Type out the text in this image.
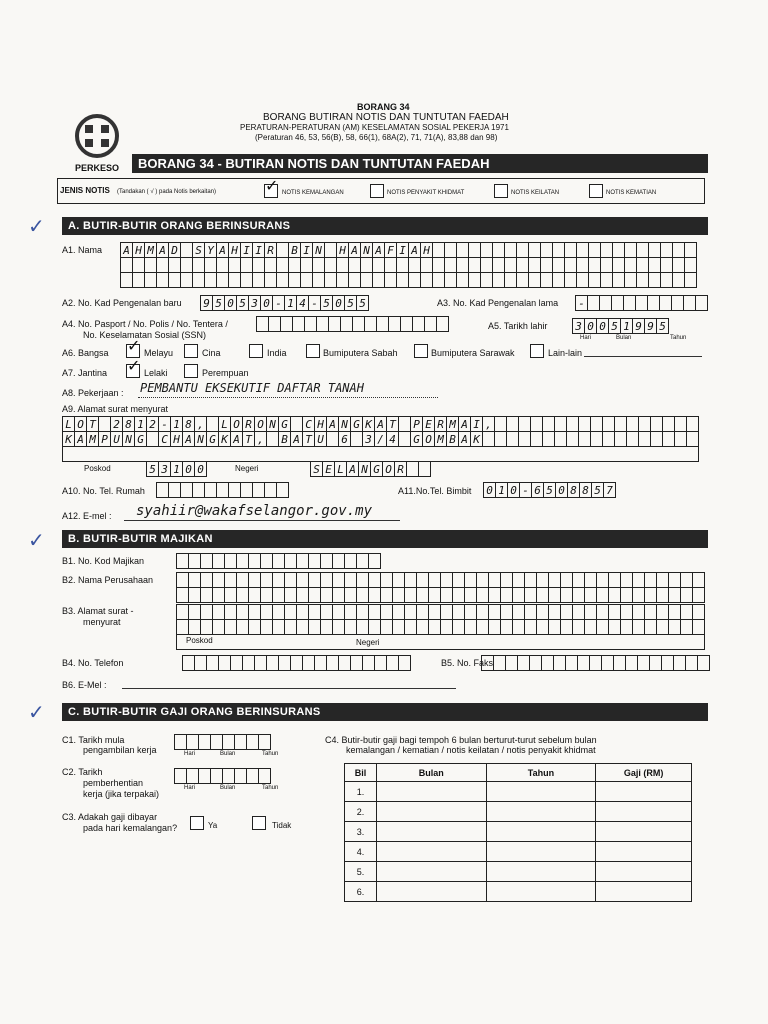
BORANG 34
BORANG BUTIRAN NOTIS DAN TUNTUTAN FAEDAH
PERATURAN-PERATURAN (AM) KESELAMATAN SOSIAL PEKERJA 1971
(Peraturan 46, 53, 56(B), 58, 66(1), 68A(2), 71, 71(A), 83,88 dan 98)
PERKESO	BORANG 34 - BUTIRAN NOTIS DAN TUNTUTAN FAEDAH
JENIS NOTIS (Tandakan ( √ ) pada Notis berkaitan)	✓ NOTIS KEMALANGAN	NOTIS PENYAKIT KHIDMAT	NOTIS KEILATAN	NOTIS KEMATIAN
✓	A. BUTIR-BUTIR ORANG BERINSURANS
A1. Nama A H M A D S Y A H I I R B I N H A N A F I A H
A2. No. Kad Pengenalan baru 9 5 0 5 3 0 - 1 4 - 5 0 5 5	A3. No. Kad Pengenalan lama -
A4. No. Pasport / No. Polis / No. Tentera /
No. Keselamatan Sosial (SSN)
A5. Tarikh lahir	3 0 0 5 1 9 9 5
Hari	Bulan	Tahun
A6. Bangsa ✓ Melayu	Cina	India	Bumiputera Sabah	Bumiputera Sarawak	Lain-lain
A7. Jantina ✓ Lelaki	Perempuan
A8. Pekerjaan : PEMBANTU EKSEKUTIF DAFTAR TANAH
A9. Alamat surat menyurat
L O T 2 8 1 2 - 1 8 , L O R O N G C H A N G K A T P E R M A I ,
K A M P U N G C H A N G K A T , B A T U 6 3 / 4 G O M B A K
Poskod	5 3 1 0 0	Negeri	S E L A N G O R
A10. No. Tel. Rumah	A11.No.Tel. Bimbit 0 1 0 - 6 5 0 8 8 5 7
A12. E-mel : syahiir@wakafselangor.gov.my
✓	B. BUTIR-BUTIR MAJIKAN
B1. No. Kod Majikan
B2. Nama Perusahaan
B3. Alamat surat -
menyurat
Poskod	Negeri
B4. No. Telefon	B5. No. Faks
B6. E-Mel :
✓	C. BUTIR-BUTIR GAJI ORANG BERINSURANS
C1. Tarikh mula
pengambilan kerja	Hari	Bulan	Tahun
C2. Tarikh
pemberhentian
kerja (jika terpakai)
Hari	Bulan	Tahun
C3. Adakah gaji dibayar
pada hari kemalangan?	Ya	Tidak
C4. Butir-butir gaji bagi tempoh 6 bulan berturut-turut sebelum bulan
kemalangan / kematian / notis keilatan / notis penyakit khidmat
Bil	Bulan	Tahun	Gaji (RM)
1.			
2.			
3.			
4.			
5.			
6.			
